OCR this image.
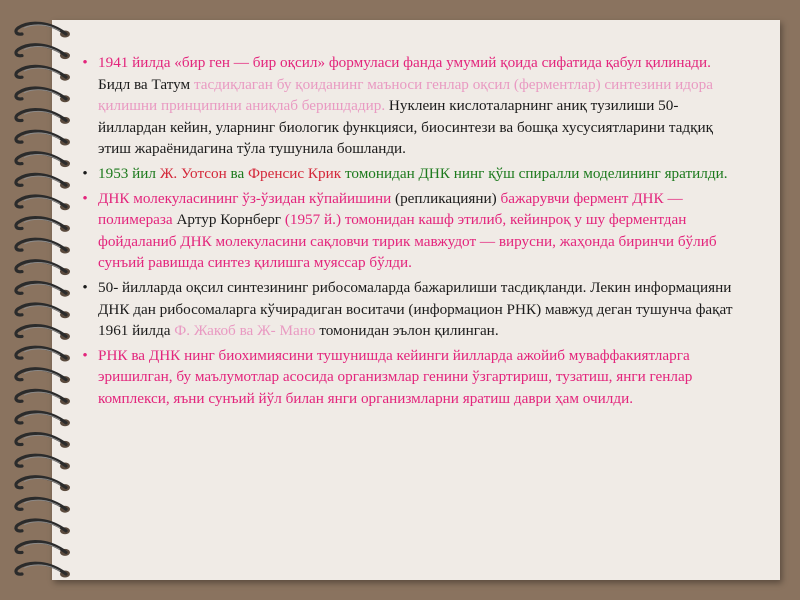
• 1941 йилда «бир ген — бир оқсил» формуласи фанда умумий қоида сифатида қабул қилинади. Бидл ва Татум тасдиқлаган бу қоиданинг маъноси генлар оқсил (ферментлар) синтезини идора қилишни принципини аниқлаб беришдадир. Нуклеин кислоталарнинг аниқ тузилиши 50- йиллардан кейин, уларнинг биологик функцияси, биосинтези ва бошқа хусусиятларини тадқиқ этиш жараёнидагина тўла тушунила бошланди.
• 1953 йил Ж. Уотсон ва Френсис Крик томонидан ДНК нинг қўш спиралли моделининг яратилди.
• ДНК молекуласининг ўз-ўзидан кўпайишини (репликацияни) бажарувчи фермент ДНК — полимераза Артур Корнберг (1957 й.) томонидан кашф этилиб, кейинроқ у шу ферментдан фойдаланиб ДНК молекуласини сақловчи тирик мавжудот — вирусни, жаҳонда биринчи бўлиб сунъий равишда синтез қилишга муяссар бўлди.
• 50- йилларда оқсил синтезининг рибосомаларда бажарилиши тасдиқланди. Лекин информацияни ДНК дан рибосомаларга кўчирадиган воситачи (информацион РНК) мавжуд деган тушунча фақат 1961 йилда Ф. Жакоб ва Ж- Мано томонидан эълон қилинган.
• РНК ва ДНК нинг биохимиясини тушунишда кейинги йилларда ажойиб муваффакиятларга эришилган, бу маълумотлар асосида организмлар генини ўзгартириш, тузатиш, янги генлар комплекси, яъни сунъий йўл билан янги организмларни яратиш даври ҳам очилди.
